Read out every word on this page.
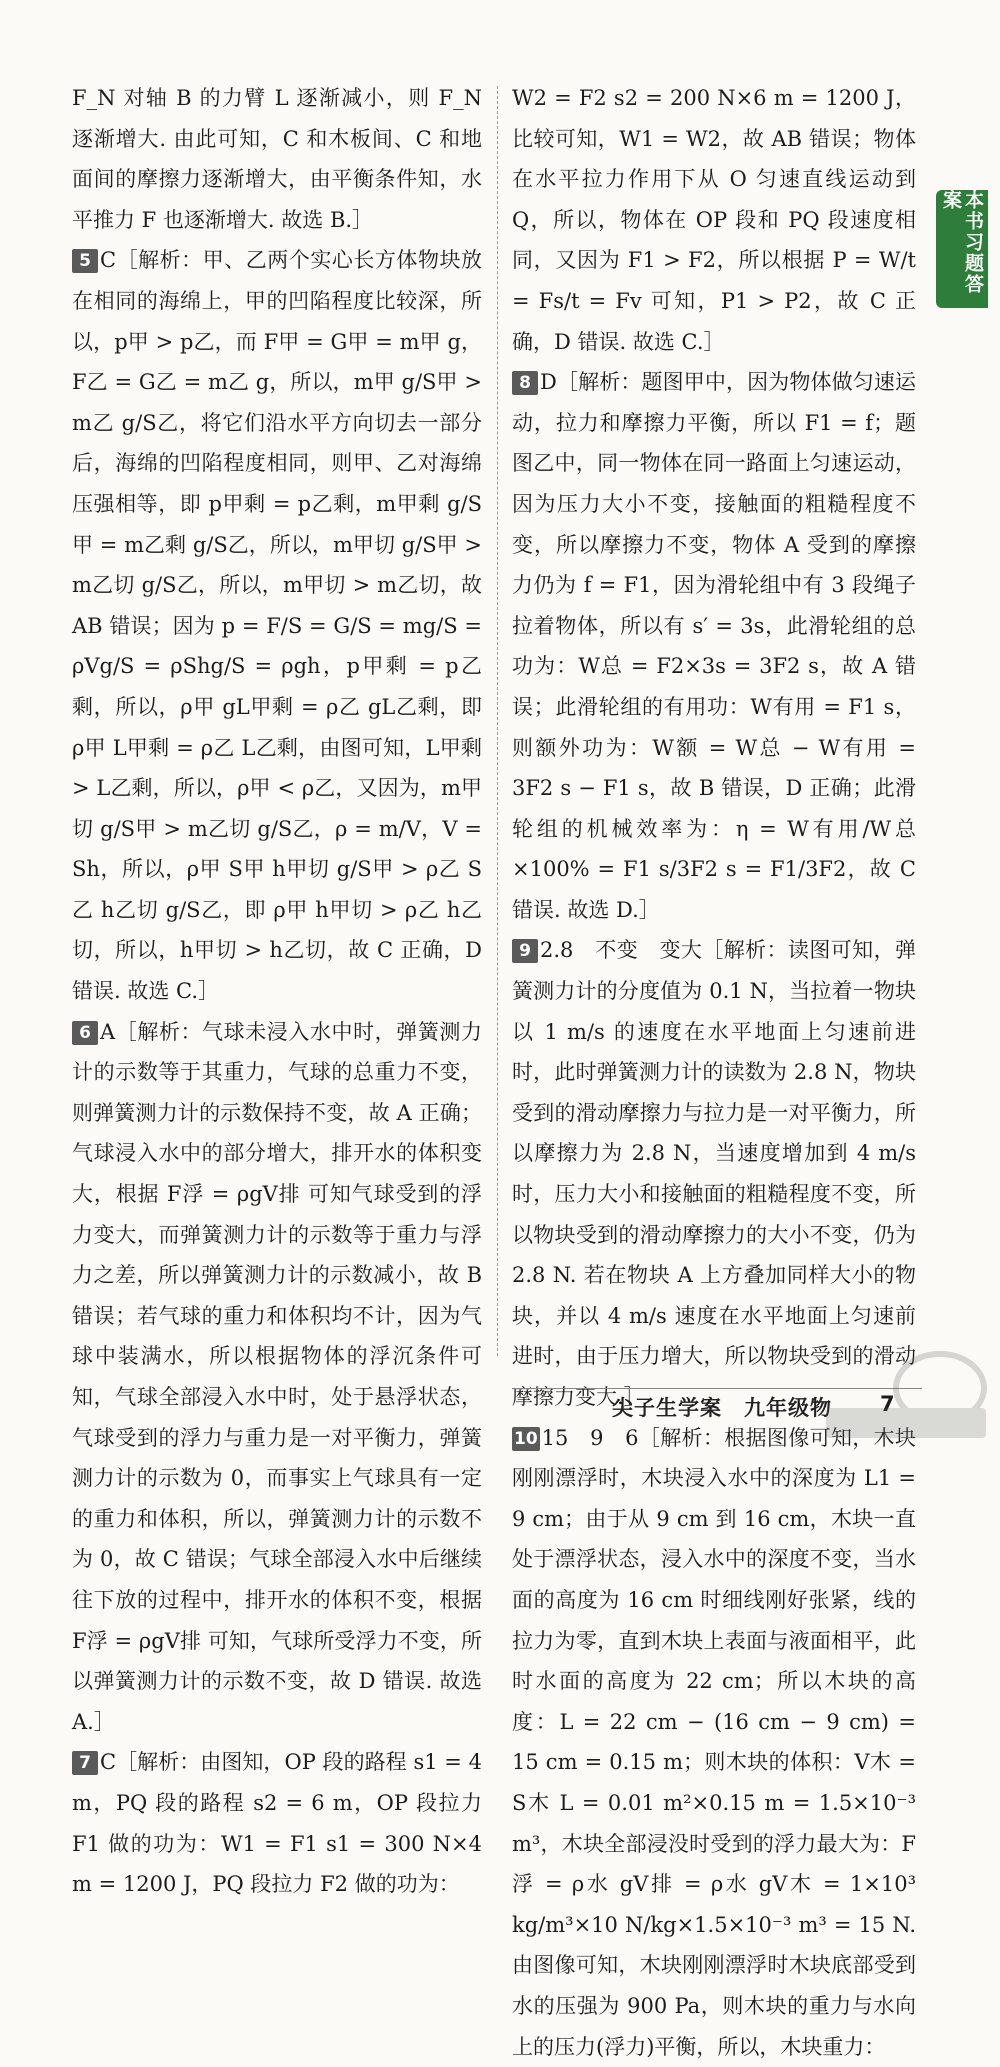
F_N 对轴 B 的力臂 L 逐渐减小，则 F_N 逐渐增大. 由此可知，C 和木板间、C 和地面间的摩擦力逐渐增大，由平衡条件知，水平推力 F 也逐渐增大. 故选 B.］

5 C［解析：甲、乙两个实心长方体物块放在相同的海绵上，甲的凹陷程度比较深，所以，p甲 > p乙，而 F甲 = G甲 = m甲 g，F乙 = G乙 = m乙 g，所以，m甲 g/S甲 > m乙 g/S乙，将它们沿水平方向切去一部分后，海绵的凹陷程度相同，则甲、乙对海绵压强相等，即 p甲剩 = p乙剩，m甲剩 g/S甲 = m乙剩 g/S乙，所以，m甲切 g/S甲 > m乙切 g/S乙，所以，m甲切 > m乙切，故 AB 错误；因为 p = F/S = G/S = mg/S = ρVg/S = ρShg/S = ρgh，p甲剩 = p乙剩，所以，ρ甲 gL甲剩 = ρ乙 gL乙剩，即 ρ甲 L甲剩 = ρ乙 L乙剩，由图可知，L甲剩 > L乙剩，所以，ρ甲 < ρ乙，又因为，m甲切 g/S甲 > m乙切 g/S乙，ρ = m/V，V = Sh，所以，ρ甲 S甲 h甲切 g/S甲 > ρ乙 S乙 h乙切 g/S乙，即 ρ甲 h甲切 > ρ乙 h乙切，所以，h甲切 > h乙切，故 C 正确，D 错误. 故选 C.］

6 A［解析：气球未浸入水中时，弹簧测力计的示数等于其重力，气球的总重力不变，则弹簧测力计的示数保持不变，故 A 正确；气球浸入水中的部分增大，排开水的体积变大，根据 F浮 = ρgV排 可知气球受到的浮力变大，而弹簧测力计的示数等于重力与浮力之差，所以弹簧测力计的示数减小，故 B 错误；若气球的重力和体积均不计，因为气球中装满水，所以根据物体的浮沉条件可知，气球全部浸入水中时，处于悬浮状态，气球受到的浮力与重力是一对平衡力，弹簧测力计的示数为 0，而事实上气球具有一定的重力和体积，所以，弹簧测力计的示数不为 0，故 C 错误；气球全部浸入水中后继续往下放的过程中，排开水的体积不变，根据 F浮 = ρgV排 可知，气球所受浮力不变，所以弹簧测力计的示数不变，故 D 错误. 故选 A.］

7 C［解析：由图知，OP 段的路程 s1 = 4 m，PQ 段的路程 s2 = 6 m，OP 段拉力 F1 做的功为：W1 = F1 s1 = 300 N×4 m = 1200 J，PQ 段拉力 F2 做的功为：

W2 = F2 s2 = 200 N×6 m = 1200 J，比较可知，W1 = W2，故 AB 错误；物体在水平拉力作用下从 O 匀速直线运动到 Q，所以，物体在 OP 段和 PQ 段速度相同，又因为 F1 > F2，所以根据 P = W/t = Fs/t = Fv 可知，P1 > P2，故 C 正确，D 错误. 故选 C.］

8 D［解析：题图甲中，因为物体做匀速运动，拉力和摩擦力平衡，所以 F1 = f；题图乙中，同一物体在同一路面上匀速运动，因为压力大小不变，接触面的粗糙程度不变，所以摩擦力不变，物体 A 受到的摩擦力仍为 f = F1，因为滑轮组中有 3 段绳子拉着物体，所以有 s′ = 3s，此滑轮组的总功为：W总 = F2×3s = 3F2 s，故 A 错误；此滑轮组的有用功：W有用 = F1 s，则额外功为：W额 = W总 − W有用 = 3F2 s − F1 s，故 B 错误，D 正确；此滑轮组的机械效率为：η = W有用/W总 ×100% = F1 s/3F2 s = F1/3F2，故 C 错误. 故选 D.］

9 2.8　不变　变大［解析：读图可知，弹簧测力计的分度值为 0.1 N，当拉着一物块以 1 m/s 的速度在水平地面上匀速前进时，此时弹簧测力计的读数为 2.8 N，物块受到的滑动摩擦力与拉力是一对平衡力，所以摩擦力为 2.8 N，当速度增加到 4 m/s 时，压力大小和接触面的粗糙程度不变，所以物块受到的滑动摩擦力的大小不变，仍为 2.8 N. 若在物块 A 上方叠加同样大小的物块，并以 4 m/s 速度在水平地面上匀速前进时，由于压力增大，所以物块受到的滑动摩擦力变大.］

10 15　9　6［解析：根据图像可知，木块刚刚漂浮时，木块浸入水中的深度为 L1 = 9 cm；由于从 9 cm 到 16 cm，木块一直处于漂浮状态，浸入水中的深度不变，当水面的高度为 16 cm 时细线刚好张紧，线的拉力为零，直到木块上表面与液面相平，此时水面的高度为 22 cm；所以木块的高度：L = 22 cm − (16 cm − 9 cm) = 15 cm = 0.15 m；则木块的体积：V木 = S木 L = 0.01 m²×0.15 m = 1.5×10⁻³ m³，木块全部浸没时受到的浮力最大为：F浮 = ρ水 gV排 = ρ水 gV木 = 1×10³ kg/m³×10 N/kg×1.5×10⁻³ m³ = 15 N. 由图像可知，木块刚刚漂浮时木块底部受到水的压强为 900 Pa，则木块的重力与水向上的压力(浮力)平衡，所以，木块重力：

本书习题答案
尖子生学案　九年级物 7
